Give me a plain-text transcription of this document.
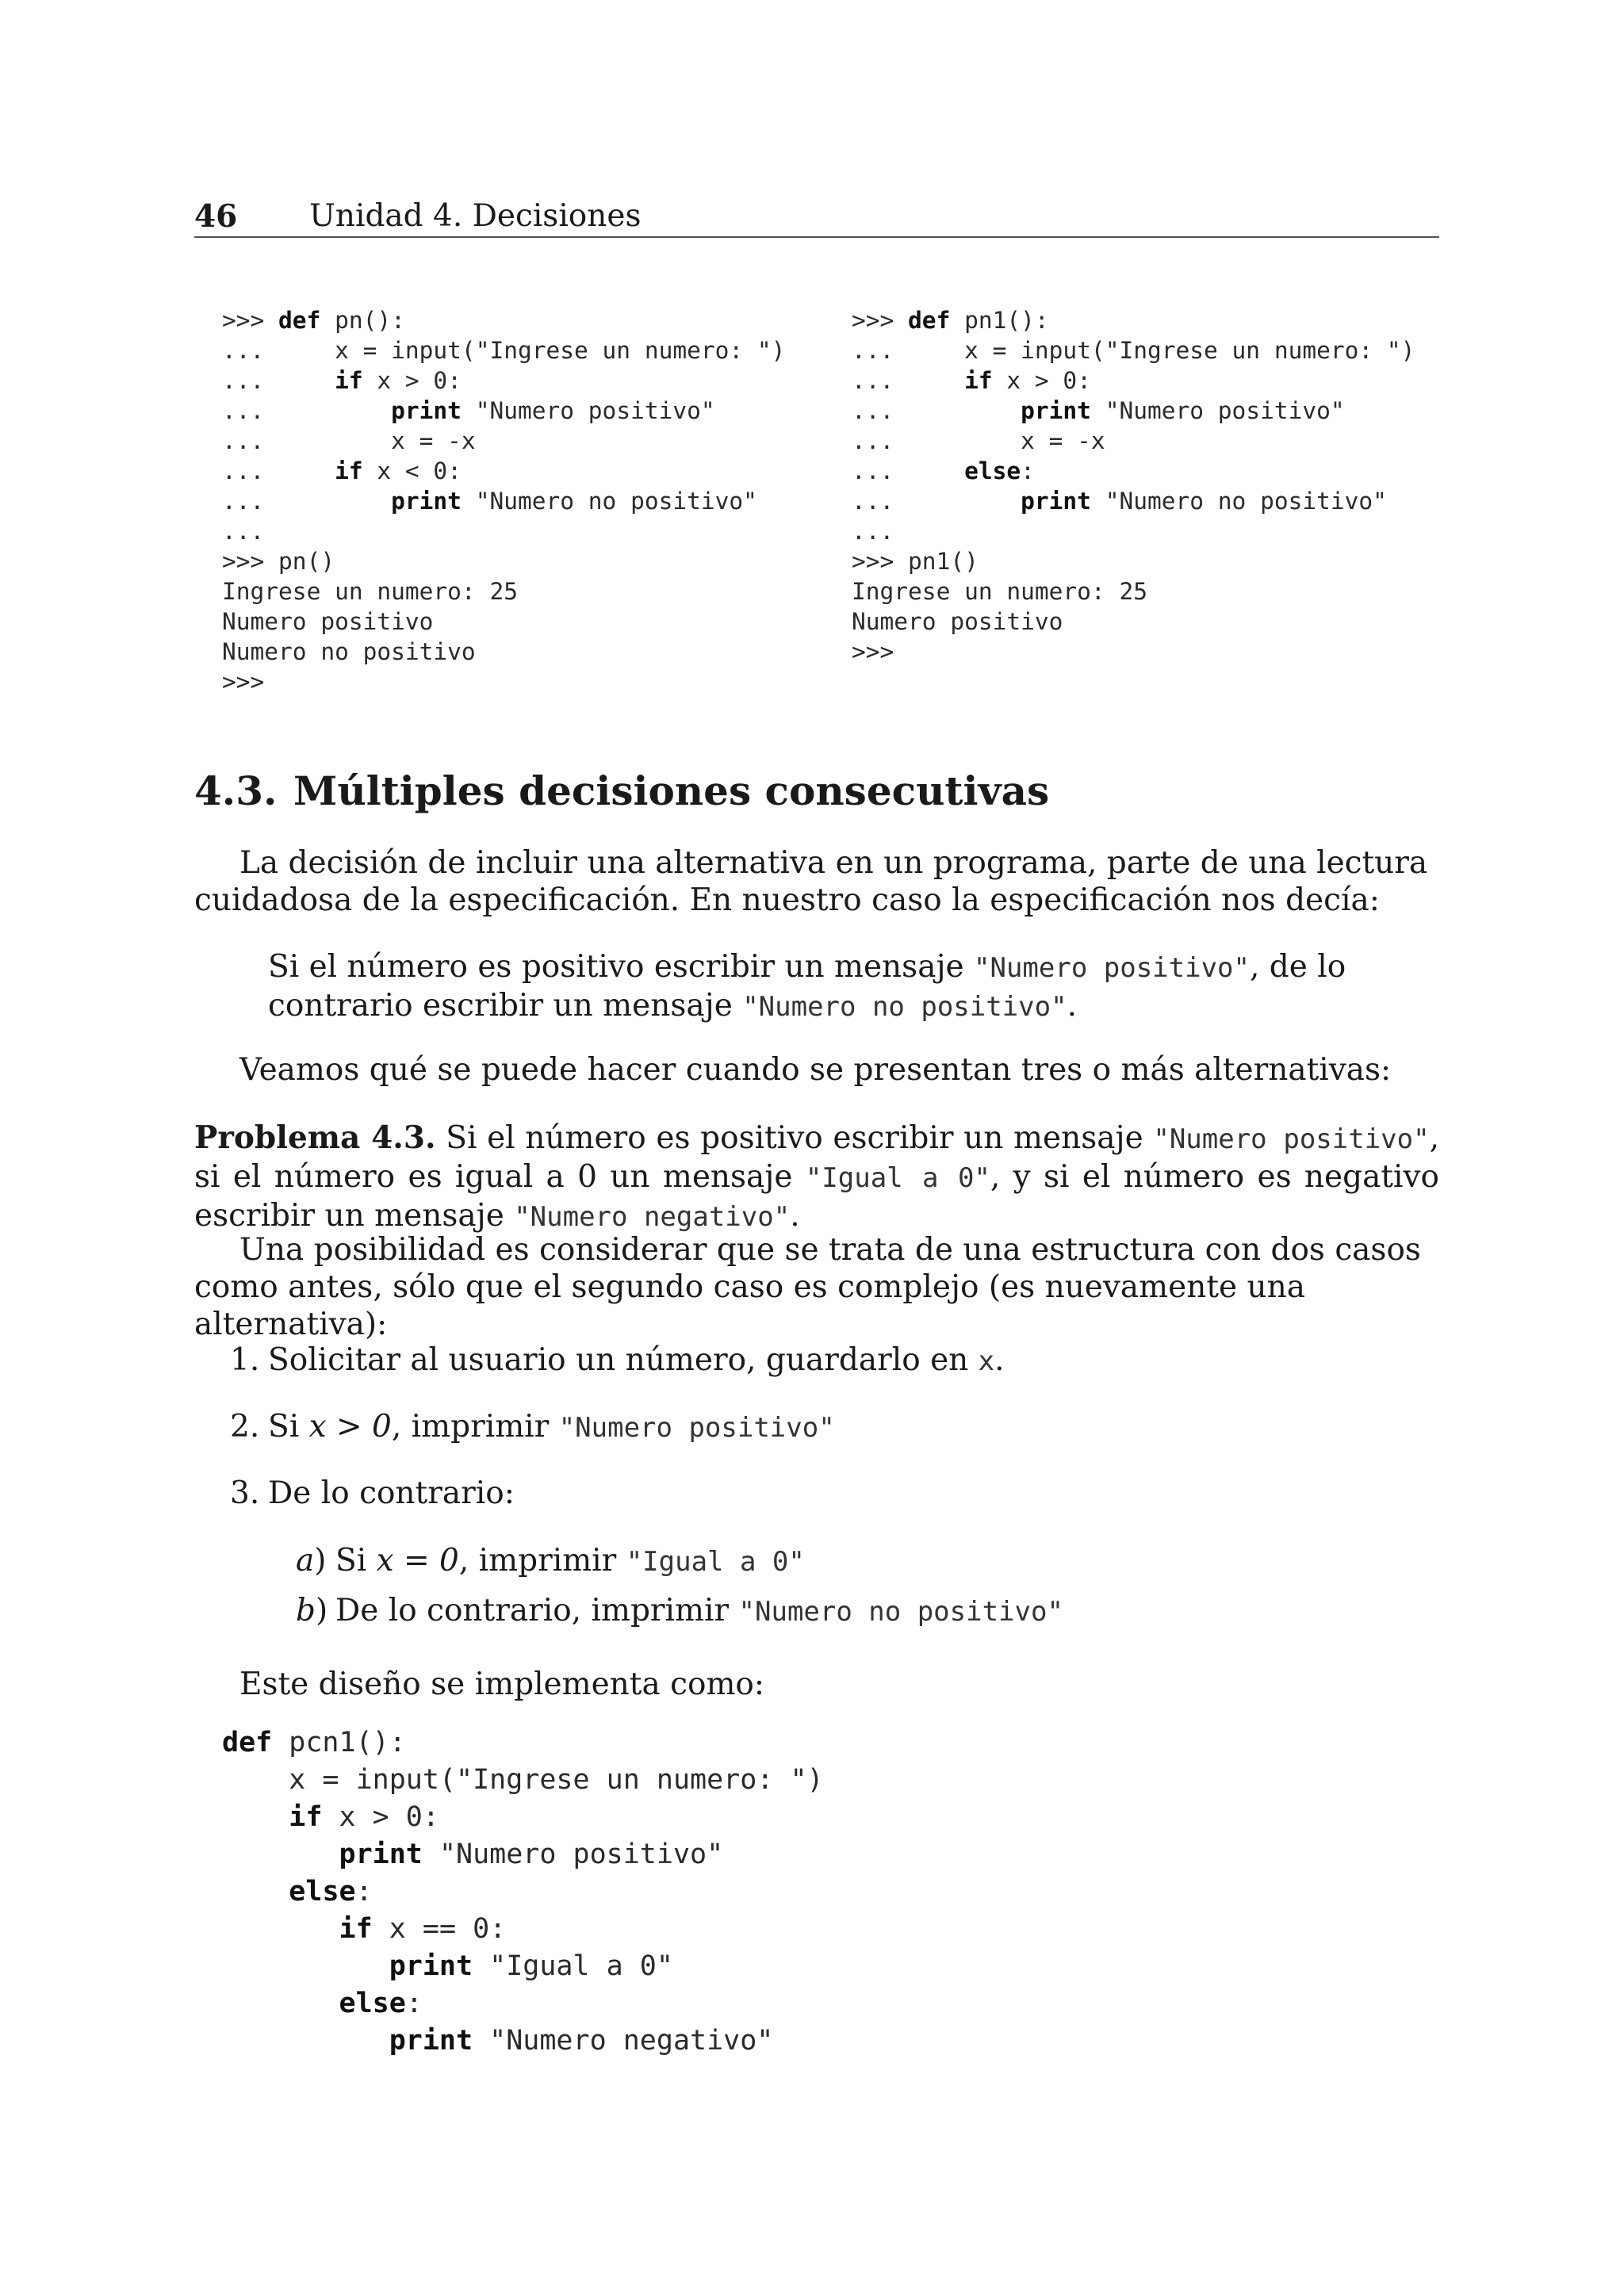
46 Unidad 4. Decisiones
>>> def pn():
...     x = input("Ingrese un numero: ")
...     if x > 0:
...         print "Numero positivo"
...         x = -x
...     if x < 0:
...         print "Numero no positivo"
...
>>> pn()
Ingrese un numero: 25
Numero positivo
Numero no positivo
>>>
>>> def pn1():
...     x = input("Ingrese un numero: ")
...     if x > 0:
...         print "Numero positivo"
...         x = -x
...     else:
...         print "Numero no positivo"
...
>>> pn1()
Ingrese un numero: 25
Numero positivo
>>>
4.3. Múltiples decisiones consecutivas
La decisión de incluir una alternativa en un programa, parte de una lectura cuidadosa de la especificación. En nuestro caso la especificación nos decía:
Si el número es positivo escribir un mensaje "Numero positivo", de lo contrario escribir un mensaje "Numero no positivo".
Veamos qué se puede hacer cuando se presentan tres o más alternativas:
Problema 4.3. Si el número es positivo escribir un mensaje "Numero positivo", si el número es igual a 0 un mensaje "Igual a 0", y si el número es negativo escribir un mensaje "Numero negativo".
Una posibilidad es considerar que se trata de una estructura con dos casos como antes, sólo que el segundo caso es complejo (es nuevamente una alternativa):
1. Solicitar al usuario un número, guardarlo en x.
2. Si x > 0, imprimir "Numero positivo"
3. De lo contrario:
a) Si x = 0, imprimir "Igual a 0"
b) De lo contrario, imprimir "Numero no positivo"
Este diseño se implementa como:
def pcn1():
x = input("Ingrese un numero: ")
if x > 0:
print "Numero positivo"
else:
if x == 0:
print "Igual a 0"
else:
print "Numero negativo"
